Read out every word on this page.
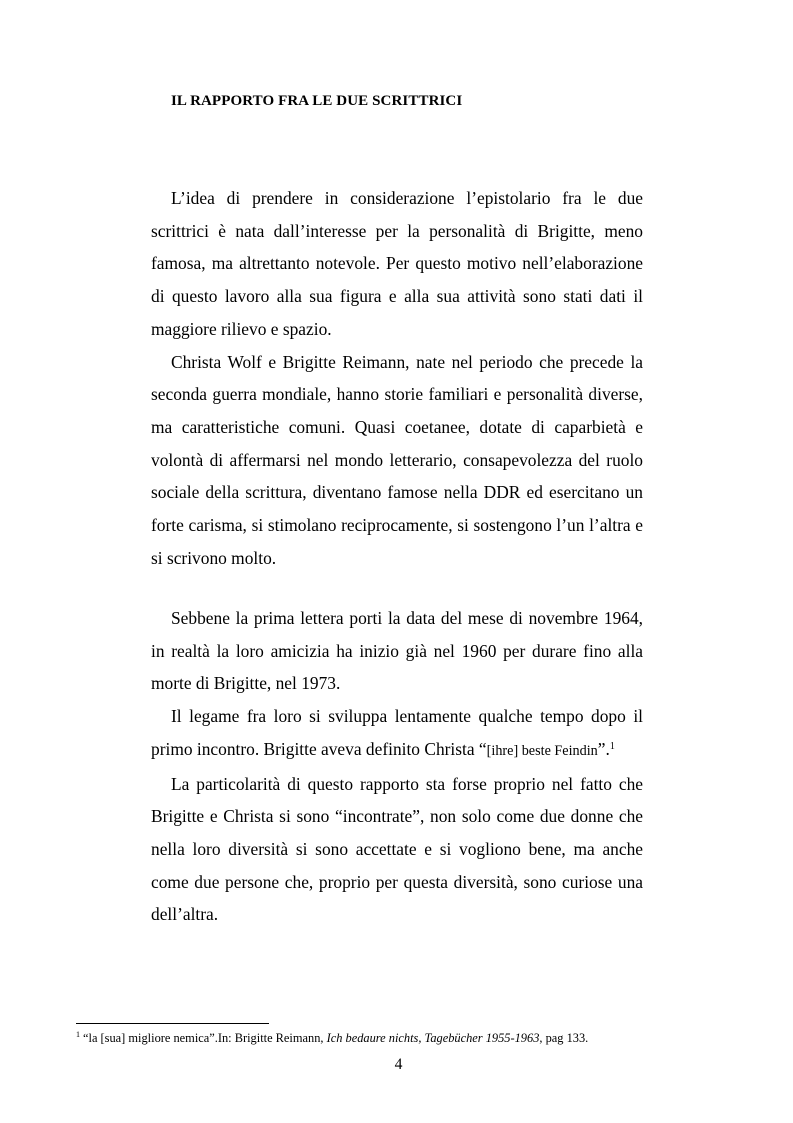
IL RAPPORTO FRA LE DUE SCRITTRICI

L’idea di prendere in considerazione l’epistolario fra le due scrittrici è nata dall’interesse per la personalità di Brigitte, meno famosa, ma altrettanto notevole. Per questo motivo nell’elaborazione di questo lavoro alla sua figura e alla sua attività sono stati dati il maggiore rilievo e spazio.

Christa Wolf e Brigitte Reimann, nate nel periodo che precede la seconda guerra mondiale, hanno storie familiari e personalità diverse, ma caratteristiche comuni. Quasi coetanee, dotate di caparbietà e volontà di affermarsi nel mondo letterario, consapevolezza del ruolo sociale della scrittura, diventano famose nella DDR ed esercitano un forte carisma, si stimolano reciprocamente, si sostengono l’un l’altra e si scrivono molto.

Sebbene la prima lettera porti la data del mese di novembre 1964, in realtà la loro amicizia ha inizio già nel 1960 per durare fino alla morte di Brigitte, nel 1973.

Il legame fra loro si sviluppa lentamente qualche tempo dopo il primo incontro. Brigitte aveva definito Christa “[ihre] beste Feindin”.$^1$

La particolarità di questo rapporto sta forse proprio nel fatto che Brigitte e Christa si sono “incontrate”, non solo come due donne che nella loro diversità si sono accettate e si vogliono bene, ma anche come due persone che, proprio per questa diversità, sono curiose una dell’altra.

$^1$ “la [sua] migliore nemica”.In: Brigitte Reimann, Ich bedaure nichts, Tagebücher 1955-1963, pag 133.
4
